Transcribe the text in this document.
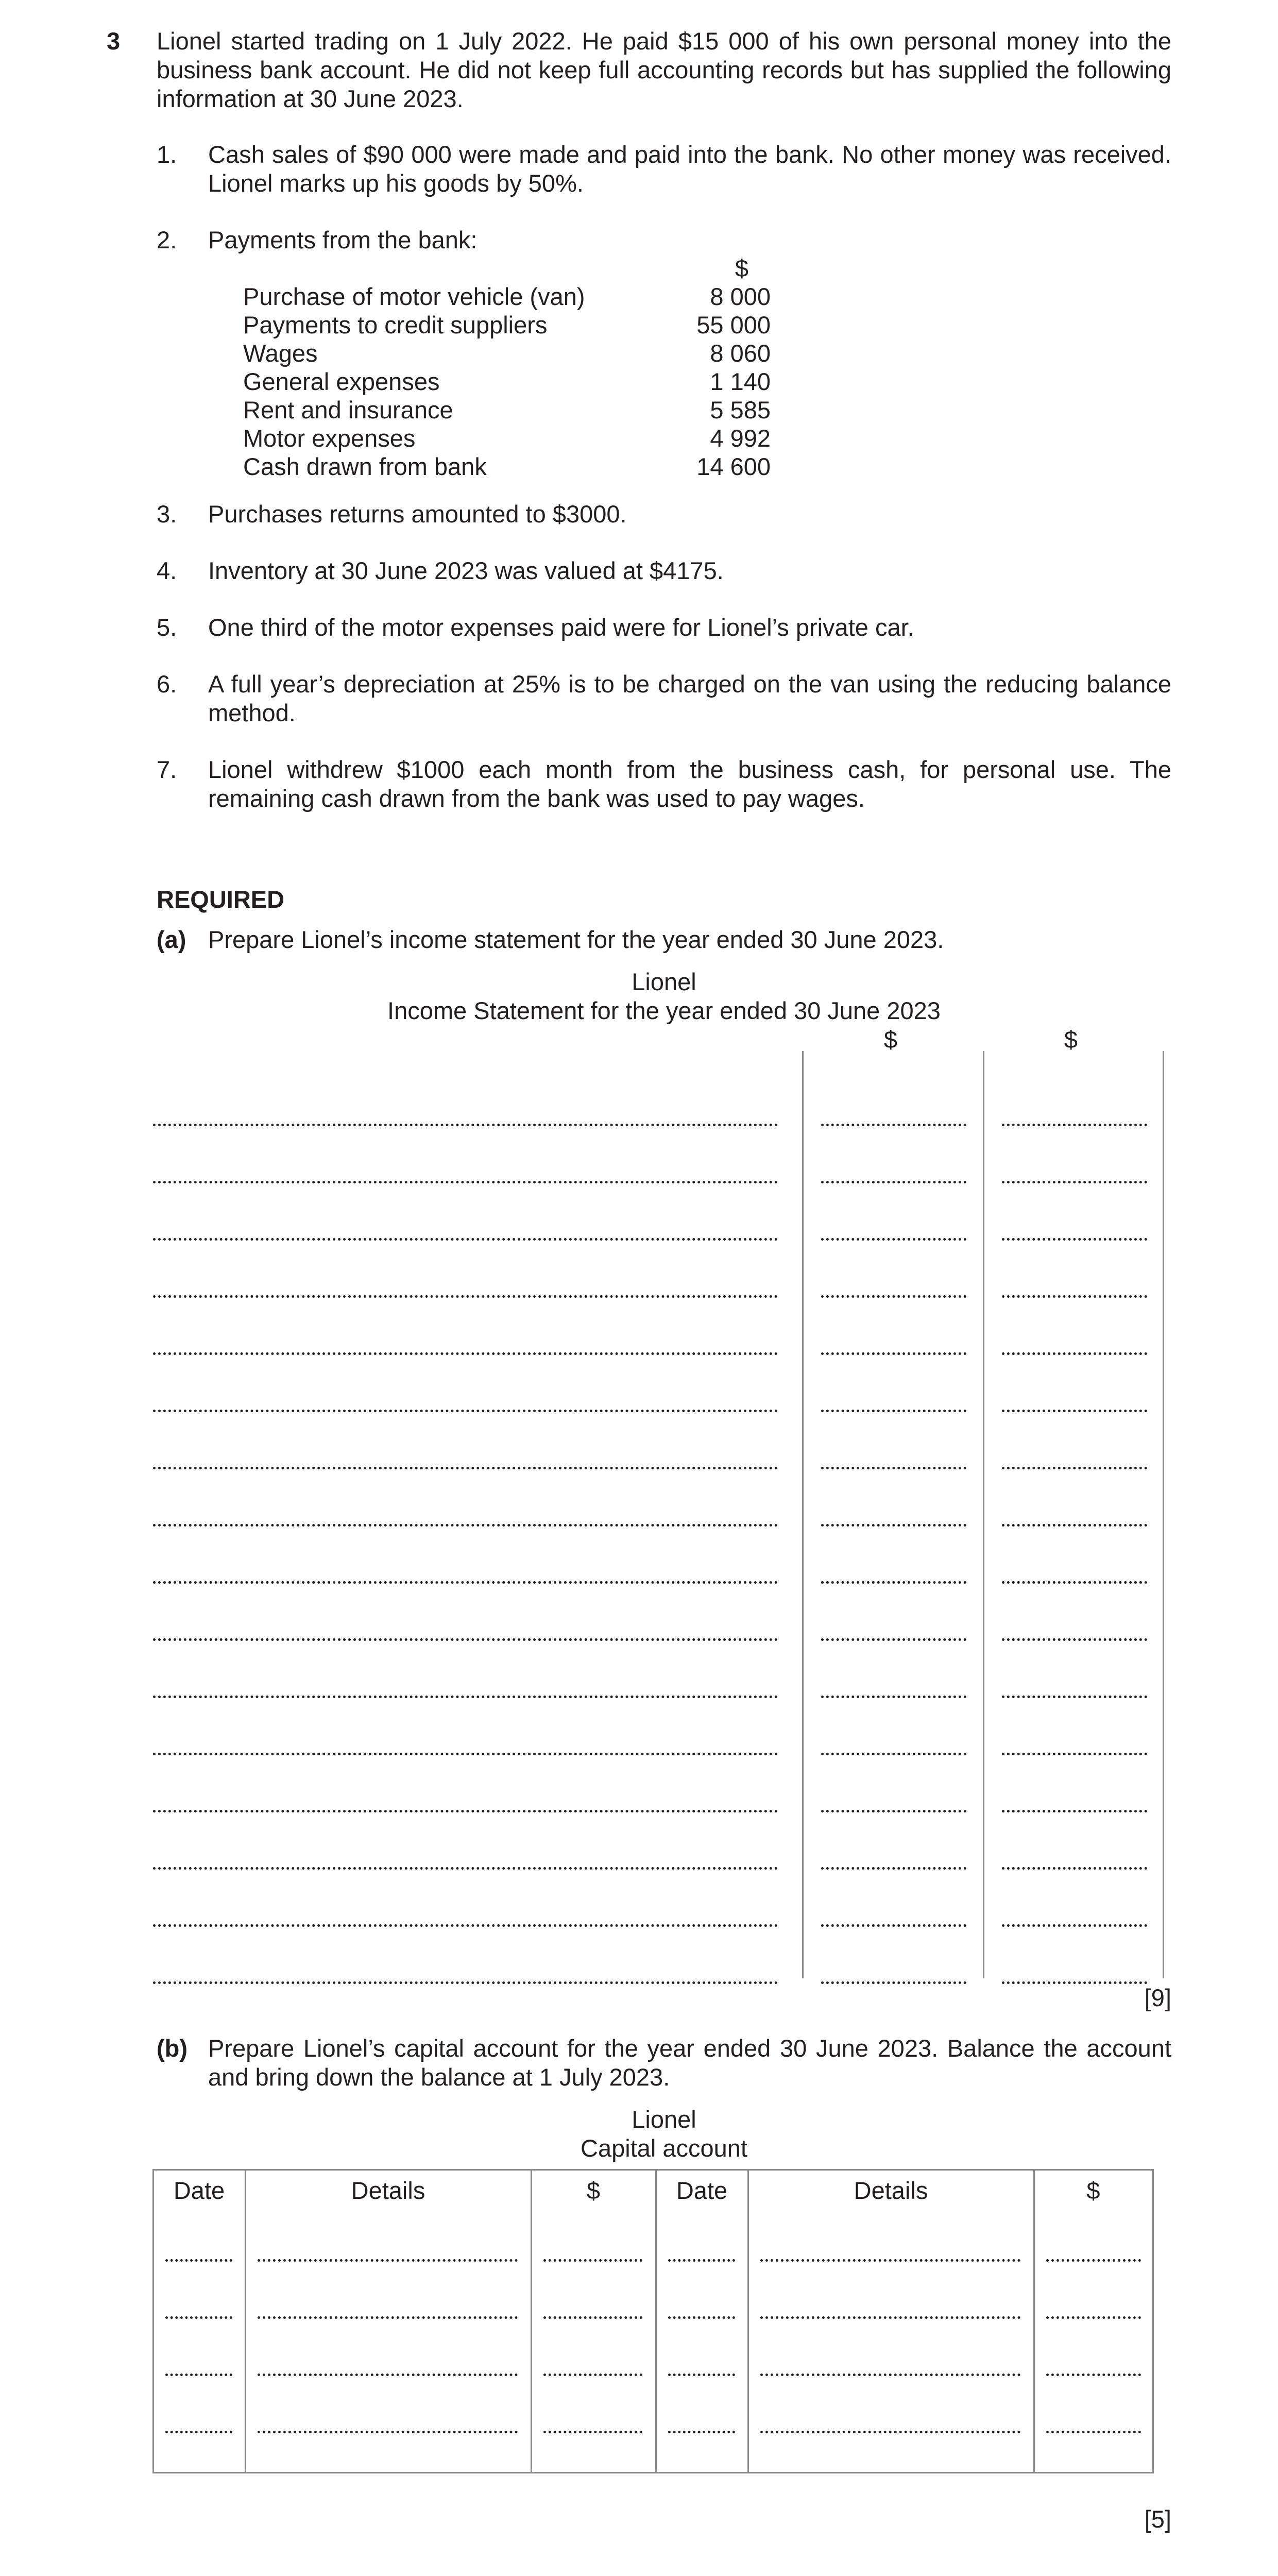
3 Lionel started trading on 1 July 2022. He paid $15 000 of his own personal money into the business bank account. He did not keep full accounting records but has supplied the following information at 30 June 2023.
1. Cash sales of $90 000 were made and paid into the bank. No other money was received. Lionel marks up his goods by 50%.
2. Payments from the bank:
$
Purchase of motor vehicle (van)	8 000
Payments to credit suppliers	55 000
Wages	8 060
General expenses	1 140
Rent and insurance	5 585
Motor expenses	4 992
Cash drawn from bank	14 600
3. Purchases returns amounted to $3000.
4. Inventory at 30 June 2023 was valued at $4175.
5. One third of the motor expenses paid were for Lionel’s private car.
6. A full year’s depreciation at 25% is to be charged on the van using the reducing balance method.
7. Lionel withdrew $1000 each month from the business cash, for personal use. The remaining cash drawn from the bank was used to pay wages.
REQUIRED
(a) Prepare Lionel’s income statement for the year ended 30 June 2023.
Lionel
Income Statement for the year ended 30 June 2023
$	$
[9]
(b) Prepare Lionel’s capital account for the year ended 30 June 2023. Balance the account and bring down the balance at 1 July 2023.
Lionel
Capital account
Date	Details	$	Date	Details	$
[5]
